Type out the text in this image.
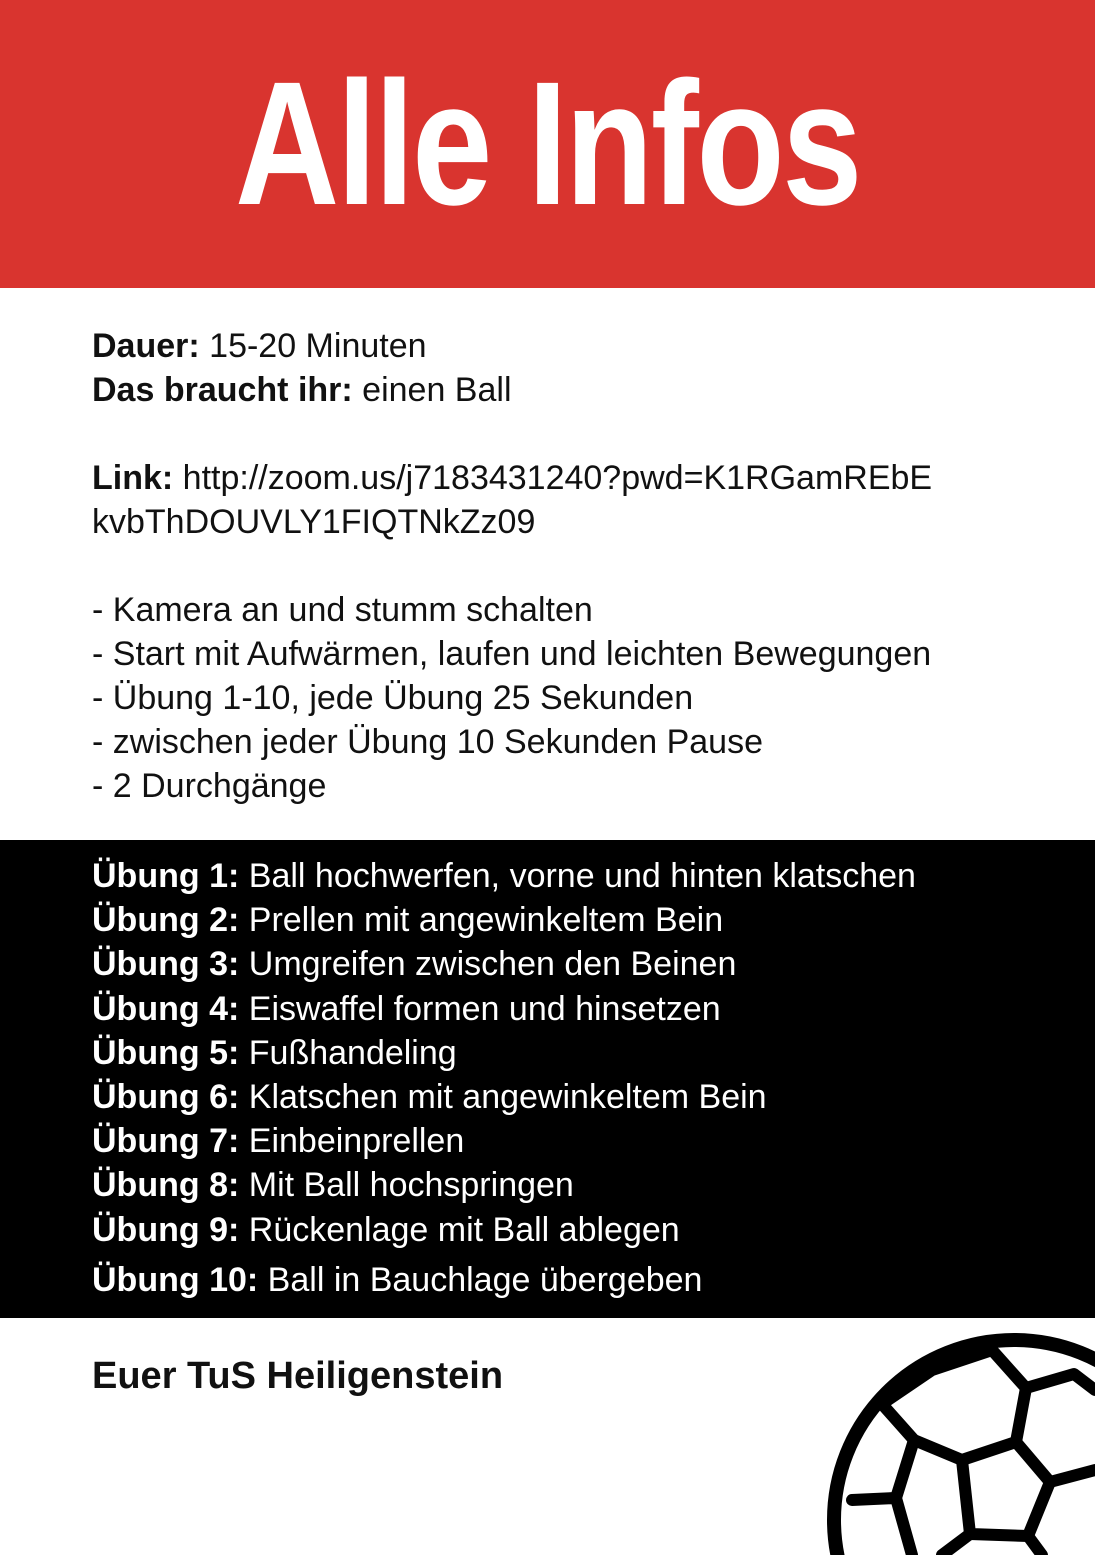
Alle Infos
Dauer: 15-20 Minuten
Das braucht ihr: einen Ball
Link: http://zoom.us/j7183431240?pwd=K1RGamREbE
kvbThDOUVLY1FIQTNkZz09
- Kamera an und stumm schalten
- Start mit Aufwärmen, laufen und leichten Bewegungen
- Übung 1-10, jede Übung 25 Sekunden
- zwischen jeder Übung 10 Sekunden Pause
- 2 Durchgänge
Übung 1: Ball hochwerfen, vorne und hinten klatschen
Übung 2: Prellen mit angewinkeltem Bein
Übung 3: Umgreifen zwischen den Beinen
Übung 4: Eiswaffel formen und hinsetzen
Übung 5: Fußhandeling
Übung 6: Klatschen mit angewinkeltem Bein
Übung 7: Einbeinprellen
Übung 8: Mit Ball hochspringen
Übung 9: Rückenlage mit Ball ablegen
Übung 10: Ball in Bauchlage übergeben
Euer TuS Heiligenstein
